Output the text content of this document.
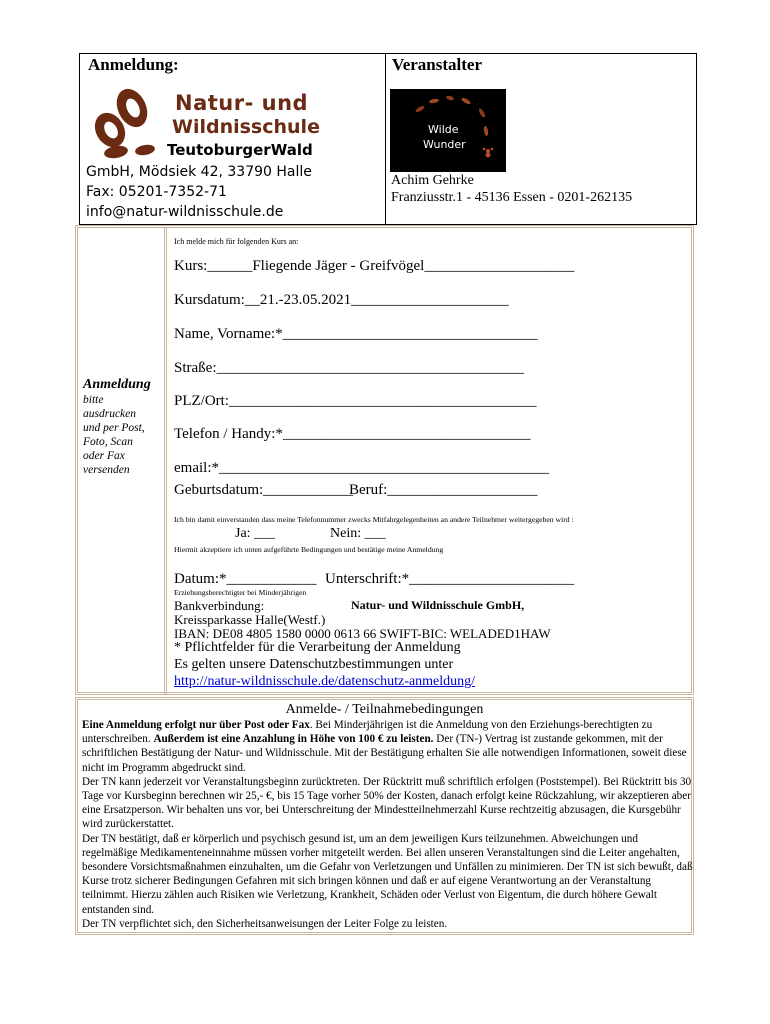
Anmeldung:	Veranstalter
Natur- und
Wildnisschule
TeutoburgerWald
GmbH, Mödsiek 42, 33790 Halle
Fax: 05201-7352-71
info@natur-wildnisschule.de
Wilde
Wunder
Achim Gehrke
Franziusstr.1 - 45136 Essen - 0201-262135
Anmeldung
bitte
ausdrucken
und per Post,
Foto, Scan
oder Fax
versenden
Ich melde mich für folgenden Kurs an:
Kurs:______Fliegende Jäger - Greifvögel____________________
Kursdatum:__21.-23.05.2021_____________________
Name, Vorname:*__________________________________
Straße:_________________________________________
PLZ/Ort:_________________________________________
Telefon / Handy:*_________________________________
email:*____________________________________________
Geburtsdatum:____________
Beruf:____________________
Ich bin damit einverstanden dass meine Telefonnummer zwecks Mitfahrgelegenheiten an andere Teilnehmer weitergegeben wird :
Ja: ___	Nein: ___
Hiermit akzeptiere ich unten aufgeführte Bedingungen und bestätige meine Anmeldung
Datum:*____________ Unterschrift:*______________________
Erziehungsberechtigter bei Minderjährigen
Bankverbindung:	Natur- und Wildnisschule GmbH,
Kreissparkasse Halle(Westf.)
IBAN: DE08 4805 1580 0000 0613 66 SWIFT-BIC: WELADED1HAW
* Pflichtfelder für die Verarbeitung der Anmeldung
Es gelten unsere Datenschutzbestimmungen unter
http://natur-wildnisschule.de/datenschutz-anmeldung/
Anmelde- / Teilnahmebedingungen

Eine Anmeldung erfolgt nur über Post oder Fax. Bei Minderjährigen ist die Anmeldung von den Erziehungs-berechtigten zu unterschreiben. Außerdem ist eine Anzahlung in Höhe von 100 € zu leisten. Der (TN-) Vertrag ist zustande gekommen, mit der schriftlichen Bestätigung der Natur- und Wildnisschule. Mit der Bestätigung erhalten Sie alle notwendigen Informationen, soweit diese nicht im Programm abgedruckt sind.

Der TN kann jederzeit vor Veranstaltungsbeginn zurücktreten. Der Rücktritt muß schriftlich erfolgen (Poststempel). Bei Rücktritt bis 30 Tage vor Kursbeginn berechnen wir 25,- €, bis 15 Tage vorher 50% der Kosten, danach erfolgt keine Rückzahlung, wir akzeptieren aber eine Ersatzperson. Wir behalten uns vor, bei Unterschreitung der Mindestteilnehmerzahl Kurse rechtzeitig abzusagen, die Kursgebühr wird zurückerstattet.

Der TN bestätigt, daß er körperlich und psychisch gesund ist, um an dem jeweiligen Kurs teilzunehmen. Abweichungen und regelmäßige Medikamenteneinnahme müssen vorher mitgeteilt werden. Bei allen unseren Veranstaltungen sind die Leiter angehalten, besondere Vorsichtsmaßnahmen einzuhalten, um die Gefahr von Verletzungen und Unfällen zu minimieren. Der TN ist sich bewußt, daß Kurse trotz sicherer Bedingungen Gefahren mit sich bringen können und daß er auf eigene Verantwortung an der Veranstaltung teilnimmt. Hierzu zählen auch Risiken wie Verletzung, Krankheit, Schäden oder Verlust von Eigentum, die durch höhere Gewalt entstanden sind.

Der TN verpflichtet sich, den Sicherheitsanweisungen der Leiter Folge zu leisten.
